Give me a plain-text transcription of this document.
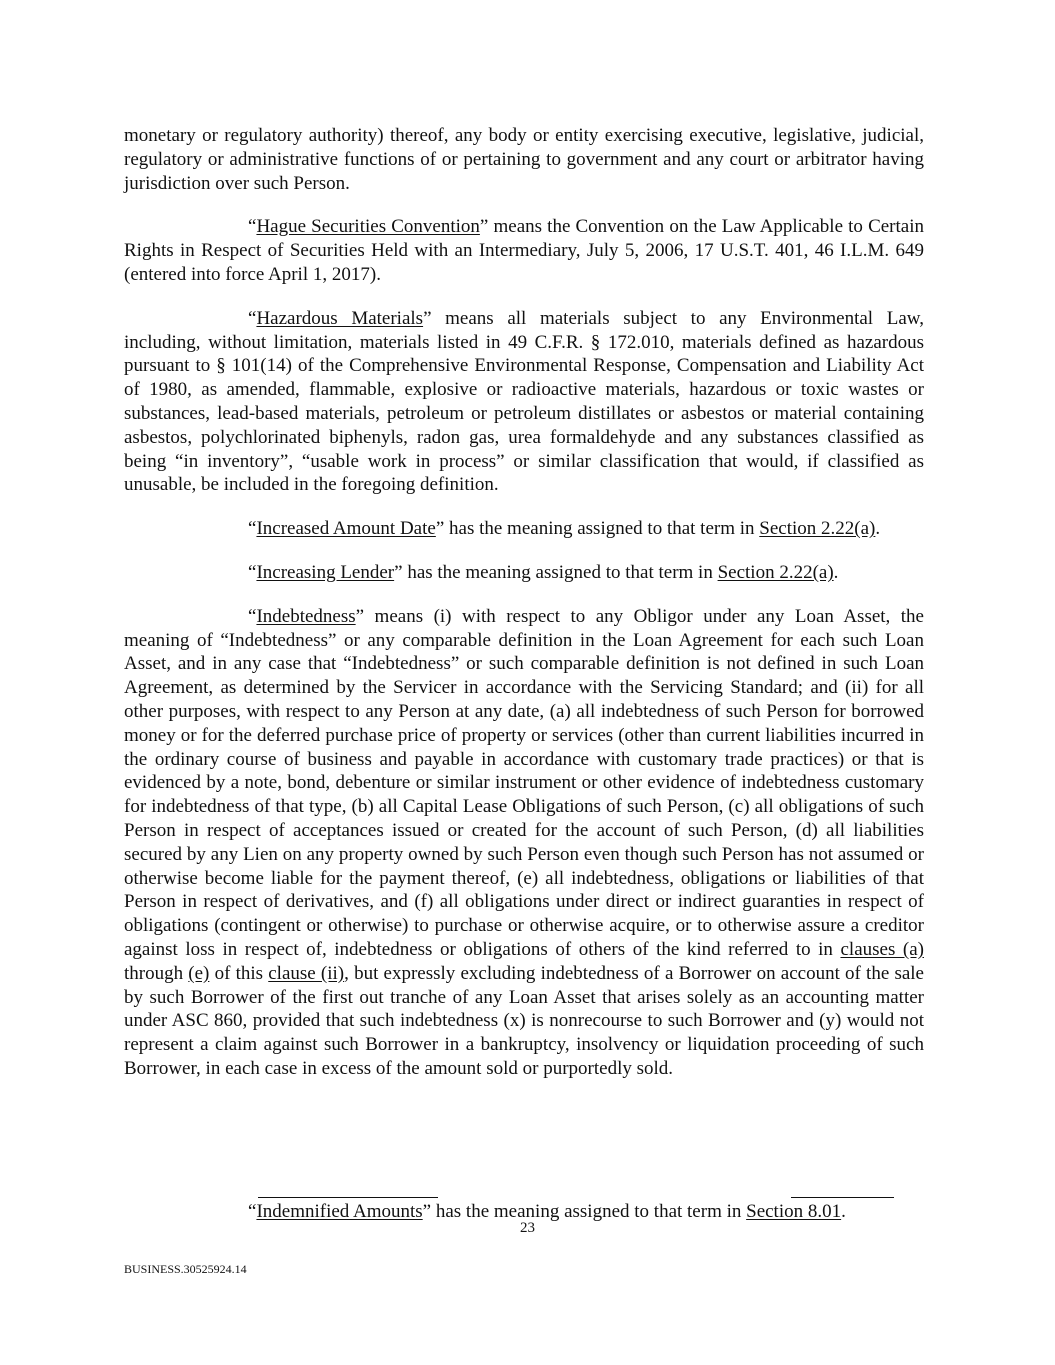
monetary or regulatory authority) thereof, any body or entity exercising executive, legislative, judicial, regulatory or administrative functions of or pertaining to government and any court or arbitrator having jurisdiction over such Person.

“Hague Securities Convention” means the Convention on the Law Applicable to Certain Rights in Respect of Securities Held with an Intermediary, July 5, 2006, 17 U.S.T. 401, 46 I.L.M. 649 (entered into force April 1, 2017).

“Hazardous Materials” means all materials subject to any Environmental Law, including, without limitation, materials listed in 49 C.F.R. § 172.010, materials defined as hazardous pursuant to § 101(14) of the Comprehensive Environmental Response, Compensation and Liability Act of 1980, as amended, flammable, explosive or radioactive materials, hazardous or toxic wastes or substances, lead-based materials, petroleum or petroleum distillates or asbestos or material containing asbestos, polychlorinated biphenyls, radon gas, urea formaldehyde and any substances classified as being “in inventory”, “usable work in process” or similar classification that would, if classified as unusable, be included in the foregoing definition.

“Increased Amount Date” has the meaning assigned to that term in Section 2.22(a).

“Increasing Lender” has the meaning assigned to that term in Section 2.22(a).

“Indebtedness” means (i) with respect to any Obligor under any Loan Asset, the meaning of “Indebtedness” or any comparable definition in the Loan Agreement for each such Loan Asset, and in any case that “Indebtedness” or such comparable definition is not defined in such Loan Agreement, as determined by the Servicer in accordance with the Servicing Standard; and (ii) for all other purposes, with respect to any Person at any date, (a) all indebtedness of such Person for borrowed money or for the deferred purchase price of property or services (other than current liabilities incurred in the ordinary course of business and payable in accordance with customary trade practices) or that is evidenced by a note, bond, debenture or similar instrument or other evidence of indebtedness customary for indebtedness of that type, (b) all Capital Lease Obligations of such Person, (c) all obligations of such Person in respect of acceptances issued or created for the account of such Person, (d) all liabilities secured by any Lien on any property owned by such Person even though such Person has not assumed or otherwise become liable for the payment thereof, (e) all indebtedness, obligations or liabilities of that Person in respect of derivatives, and (f) all obligations under direct or indirect guaranties in respect of obligations (contingent or otherwise) to purchase or otherwise acquire, or to otherwise assure a creditor against loss in respect of, indebtedness or obligations of others of the kind referred to in clauses (a) through (e) of this clause (ii), but expressly excluding indebtedness of a Borrower on account of the sale by such Borrower of the first out tranche of any Loan Asset that arises solely as an accounting matter under ASC 860, provided that such indebtedness (x) is nonrecourse to such Borrower and (y) would not represent a claim against such Borrower in a bankruptcy, insolvency or liquidation proceeding of such Borrower, in each case in excess of the amount sold or purportedly sold.

“Indemnified Amounts” has the meaning assigned to that term in Section 8.01.
23
BUSINESS.30525924.14
